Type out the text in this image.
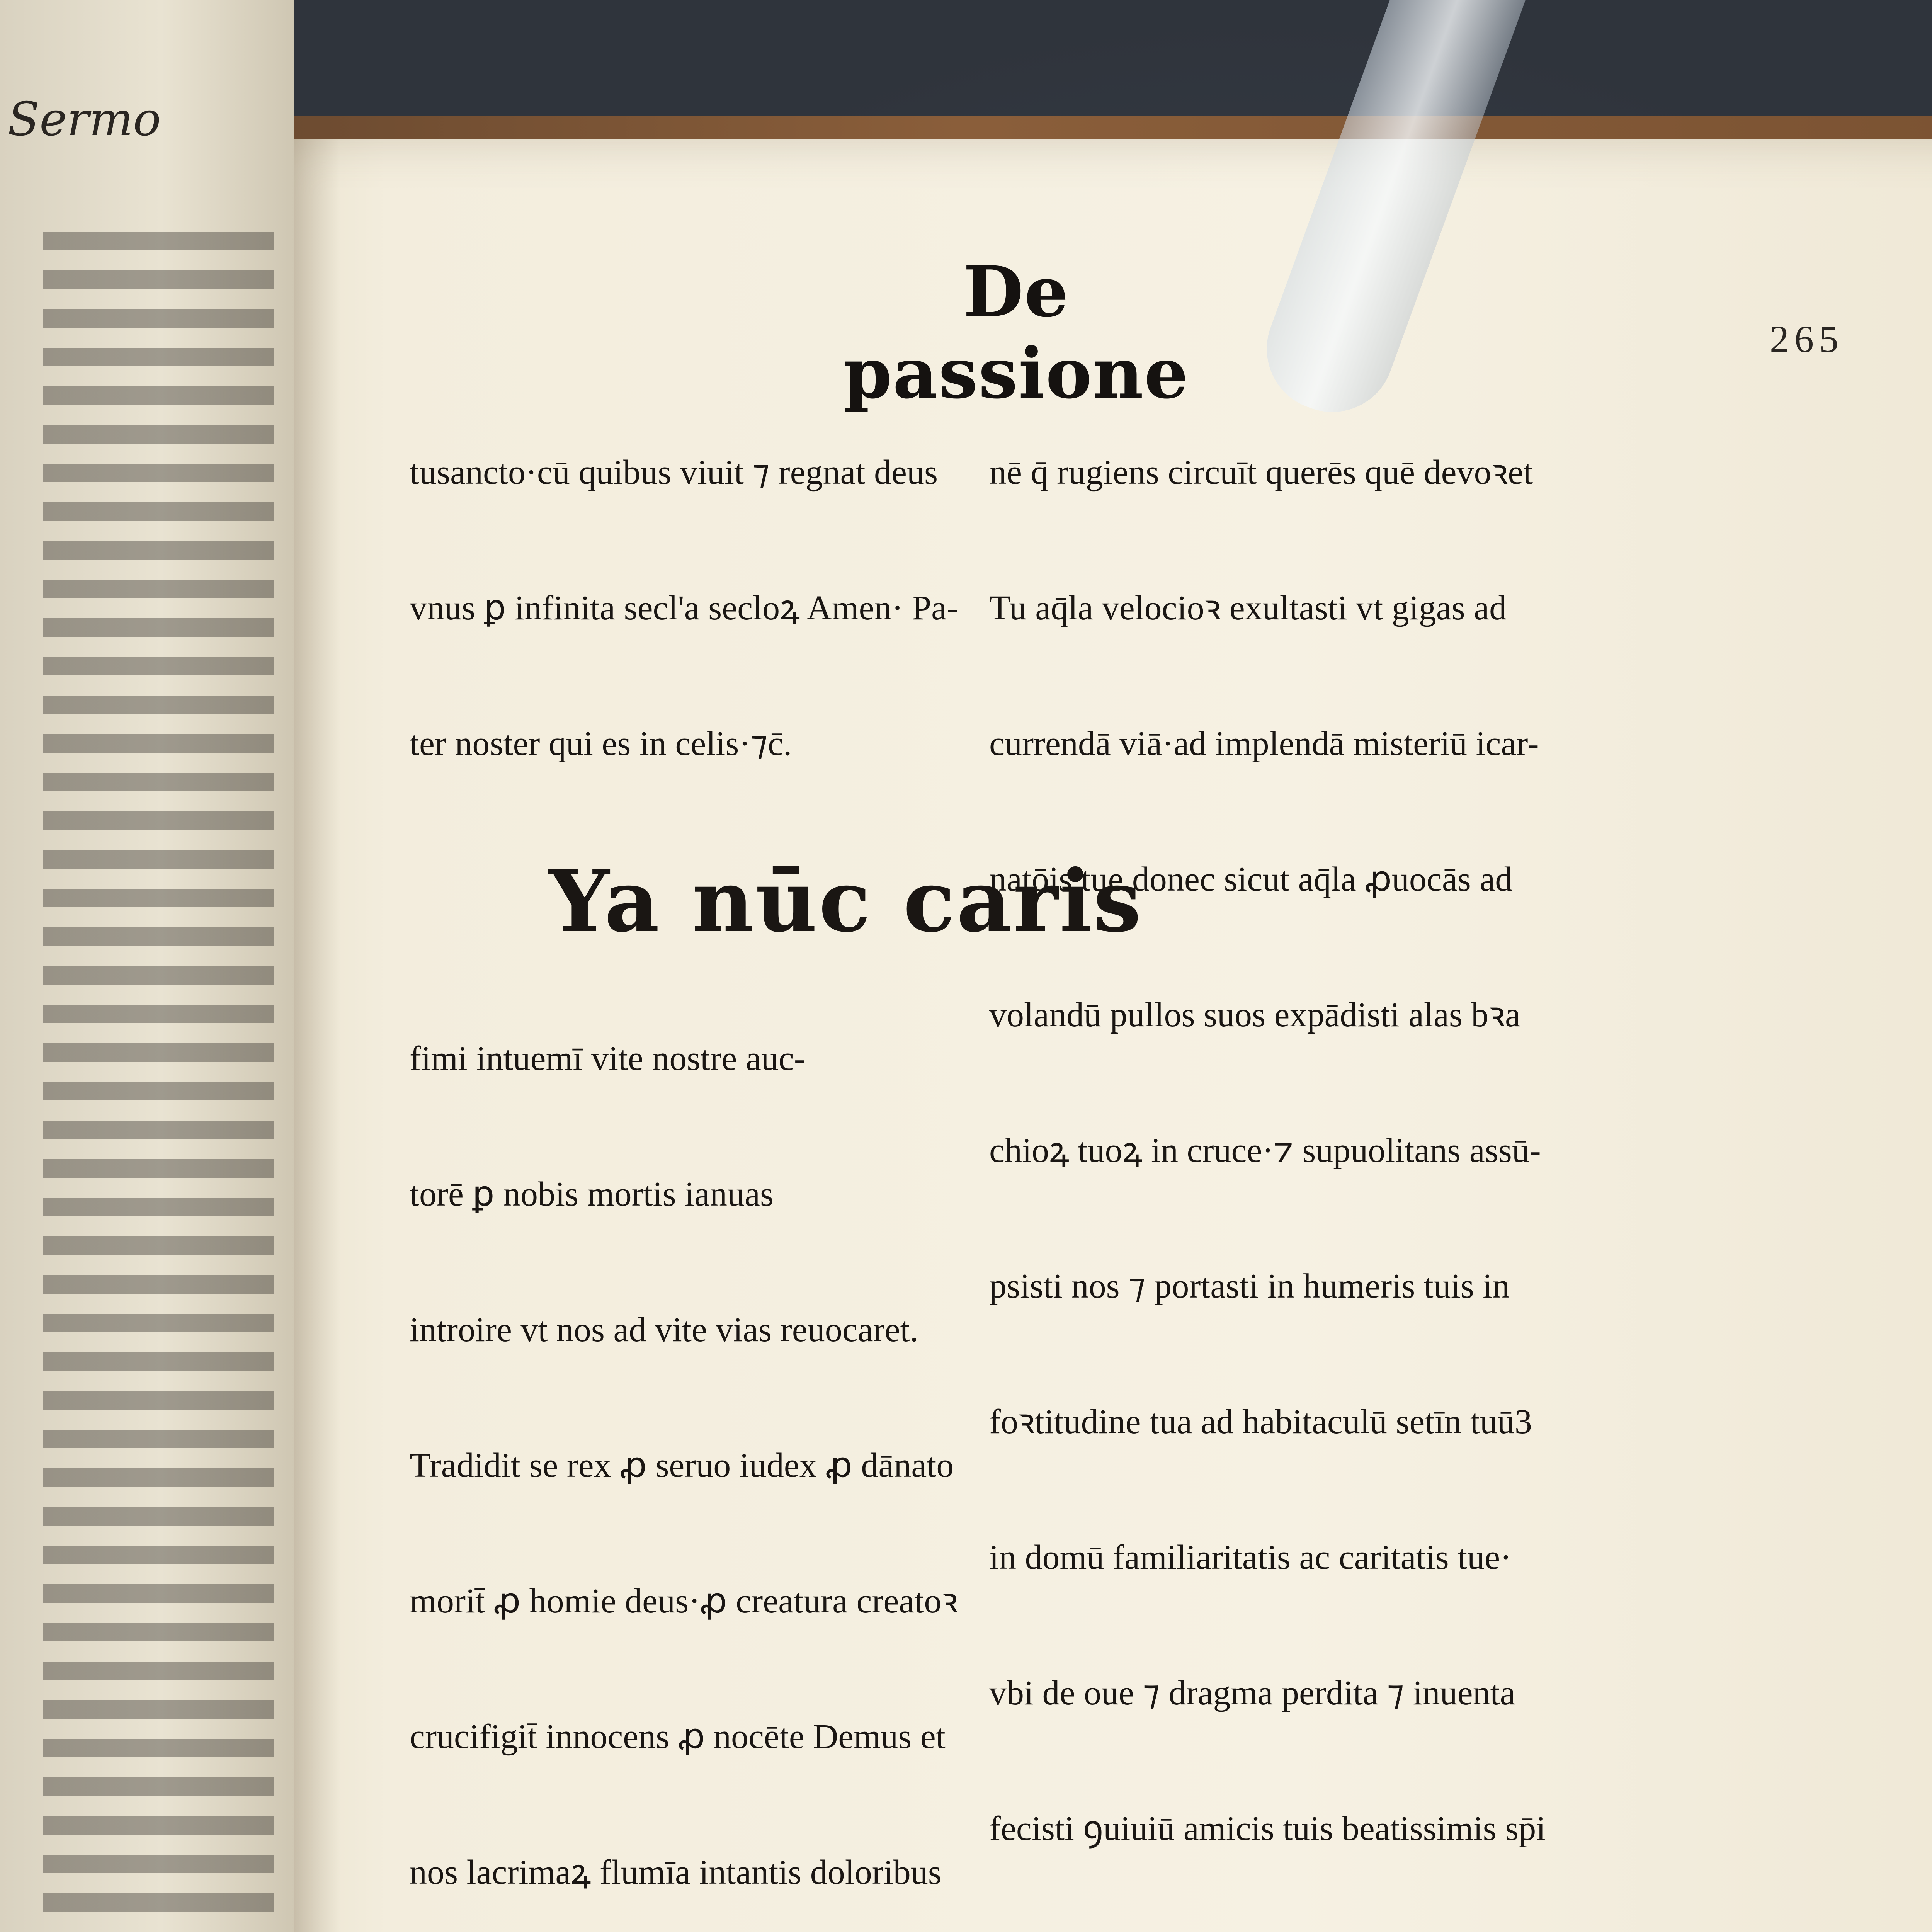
Sermo
De passione	265

tusancto·cū quibus viuit ⁊ regnat deus

vnus ꝑ infinita secl'a secloꝝ Amen· Pa-

ter noster qui es in celis·⁊c̄.

Ya nūc caris

fimi intuemī vite nostre auc-

torē ꝑ nobis mortis ianuas

introire vt nos ad vite vias reuocaret.

Tradidit se rex ꝓ seruo iudex ꝓ dānato

morit̄ ꝓ homie deus·ꝓ creatura creatoꝛ

crucifigit̄ innocens ꝓ nocēte Demus et

nos lacrimaꝝ flumīa intantis doloribus

nē q̄ rugiens circuīt querēs quē devoꝛet

Tu aq̄la velocioꝛ exultasti vt gigas ad

currendā viā·ad implendā misteriū icar-

natōis tue donec sicut aq̄la ꝓuocās ad

volandū pullos suos expādisti alas bꝛa

chioꝝ tuoꝝ in cruce·⁊ supuolitans assū-

psisti nos ⁊ portasti in humeris tuis in

foꝛtitudine tua ad habitaculū setīn tuū3

in domū familiaritatis ac caritatis tue·

vbi de oue ⁊ dragma perdita ⁊ inuenta

fecisti ꝯuiuiū amicis tuis beatissimis sp̄i
